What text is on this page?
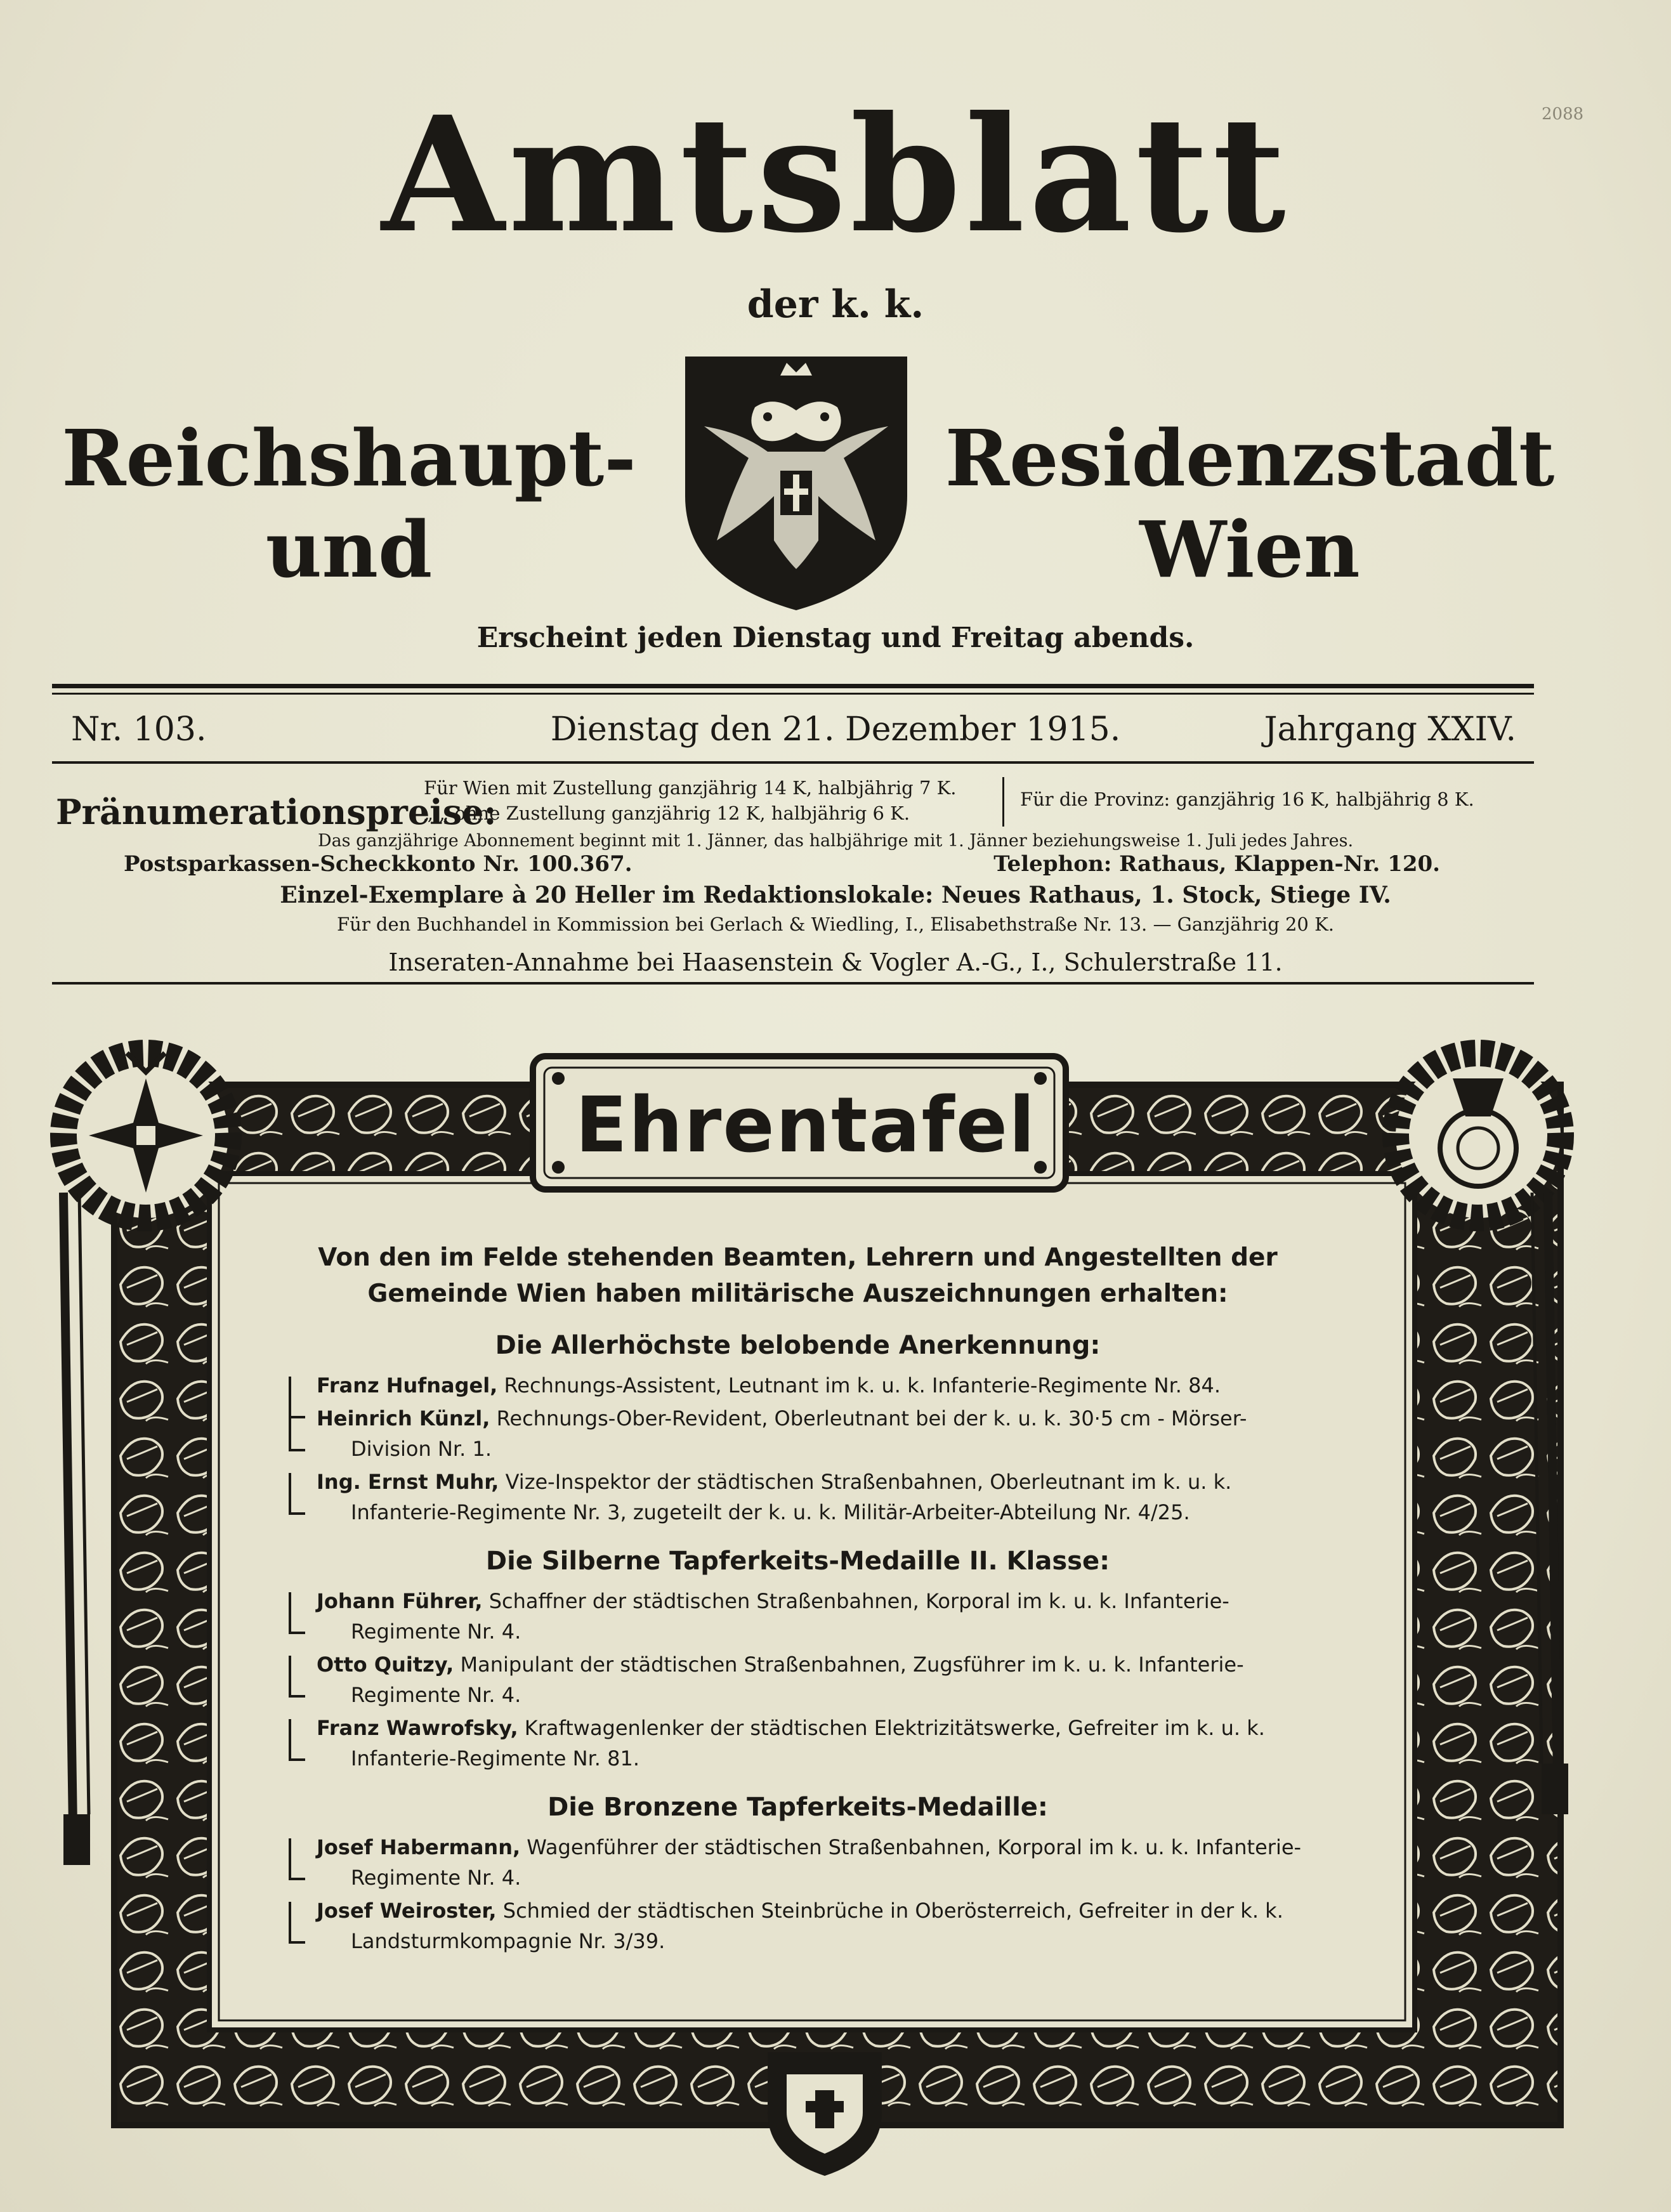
2088
Amtsblatt
der k. k.
Reichshaupt- und
Residenzstadt Wien
Erscheint jeden Dienstag und Freitag abends.
Nr. 103.	Dienstag den 21. Dezember 1915.	Jahrgang XXIV.
Pränumerationspreise:
Für Wien mit Zustellung ganzjährig 14 K, halbjährig 7 K.
„ „ ohne Zustellung ganzjährig 12 K, halbjährig 6 K.
Für die Provinz: ganzjährig 16 K, halbjährig 8 K.
Das ganzjährige Abonnement beginnt mit 1. Jänner, das halbjährige mit 1. Jänner beziehungsweise 1. Juli jedes Jahres.
Postsparkassen-Scheckkonto Nr. 100.367.	Telephon: Rathaus, Klappen-Nr. 120.
Einzel-Exemplare à 20 Heller im Redaktionslokale: Neues Rathaus, 1. Stock, Stiege IV.
Für den Buchhandel in Kommission bei Gerlach & Wiedling, I., Elisabethstraße Nr. 13. — Ganzjährig 20 K.
Inseraten-Annahme bei Haasenstein & Vogler A.-G., I., Schulerstraße 11.
Ehrentafel
Von den im Felde stehenden Beamten, Lehrern und Angestellten der Gemeinde Wien haben militärische Auszeichnungen erhalten:
Die Allerhöchste belobende Anerkennung:
Franz Hufnagel, Rechnungs-Assistent, Leutnant im k. u. k. Infanterie-Regimente Nr. 84.
Heinrich Künzl, Rechnungs-Ober-Revident, Oberleutnant bei der k. u. k. 30·5 cm - Mörser-
Division Nr. 1.
Ing. Ernst Muhr, Vize-Inspektor der städtischen Straßenbahnen, Oberleutnant im k. u. k.
Infanterie-Regimente Nr. 3, zugeteilt der k. u. k. Militär-Arbeiter-Abteilung Nr. 4/25.
Die Silberne Tapferkeits-Medaille II. Klasse:
Johann Führer, Schaffner der städtischen Straßenbahnen, Korporal im k. u. k. Infanterie-
Regimente Nr. 4.
Otto Quitzy, Manipulant der städtischen Straßenbahnen, Zugsführer im k. u. k. Infanterie-
Regimente Nr. 4.
Franz Wawrofsky, Kraftwagenlenker der städtischen Elektrizitätswerke, Gefreiter im k. u. k.
Infanterie-Regimente Nr. 81.
Die Bronzene Tapferkeits-Medaille:
Josef Habermann, Wagenführer der städtischen Straßenbahnen, Korporal im k. u. k. Infanterie-
Regimente Nr. 4.
Josef Weiroster, Schmied der städtischen Steinbrüche in Oberösterreich, Gefreiter in der k. k.
Landsturmkompagnie Nr. 3/39.
